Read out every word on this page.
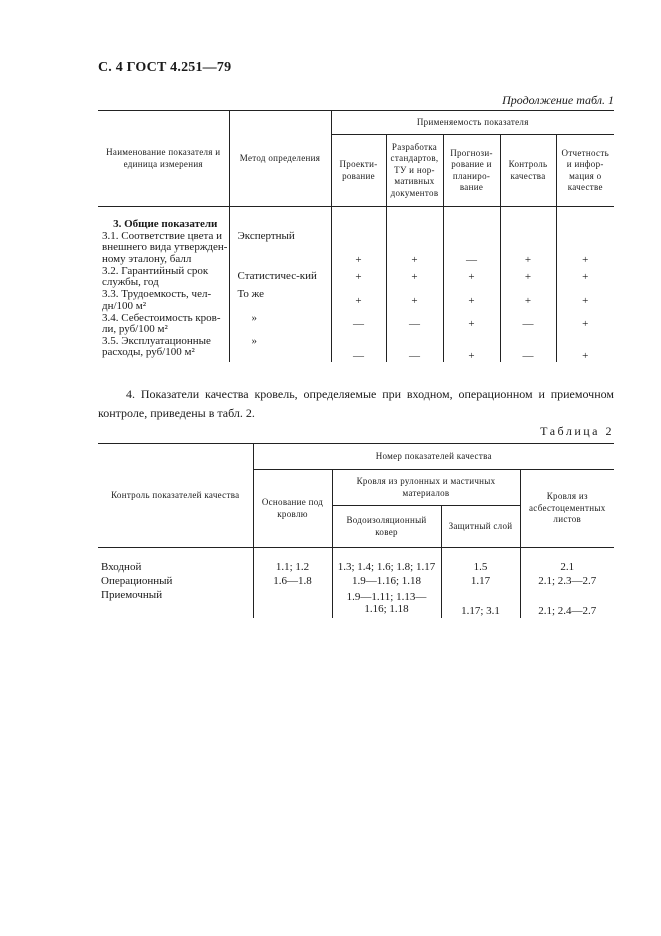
С. 4 ГОСТ 4.251—79
Продолжение табл. 1
Наименование показателя и единица измерения	Метод определения	Применяемость показателя				
		Проекти-рование	Разработка стандартов, ТУ и нор-мативных документов	Прогнози-рование и планиро-вание	Контроль качества	Отчетность и инфор-мация о качестве
3. Общие показатели						
3.1. Соответствие цвета и внешнего вида утвержден-ному эталону, балл	Экспертный	+	+	—	+	+
3.2. Гарантийный срок службы, год	Статистичес-кий	+	+	+	+	+
3.3. Трудоемкость, чел-дн/100 м²	То же	+	+	+	+	+
3.4. Себестоимость кров-ли, руб/100 м²	»	—	—	+	—	+
3.5. Эксплуатационные расходы, руб/100 м²	»	—	—	+	—	+
4. Показатели качества кровель, определяемые при входном, операционном и приемочном контроле, приведены в табл. 2.
Таблица 2
Контроль показателей качества	Номер показателей качества			
	Основание под кровлю	Кровля из рулонных и мастичных материалов		Кровля из асбестоцементных листов
		Водоизоляционный ковер	Защитный слой	
Входной	1.1; 1.2	1.3; 1.4; 1.6; 1.8; 1.17	1.5	2.1
Операционный	1.6—1.8	1.9—1.16; 1.18	1.17	2.1; 2.3—2.7
Приемочный		1.9—1.11; 1.13—1.16; 1.18	1.17; 3.1	2.1; 2.4—2.7
